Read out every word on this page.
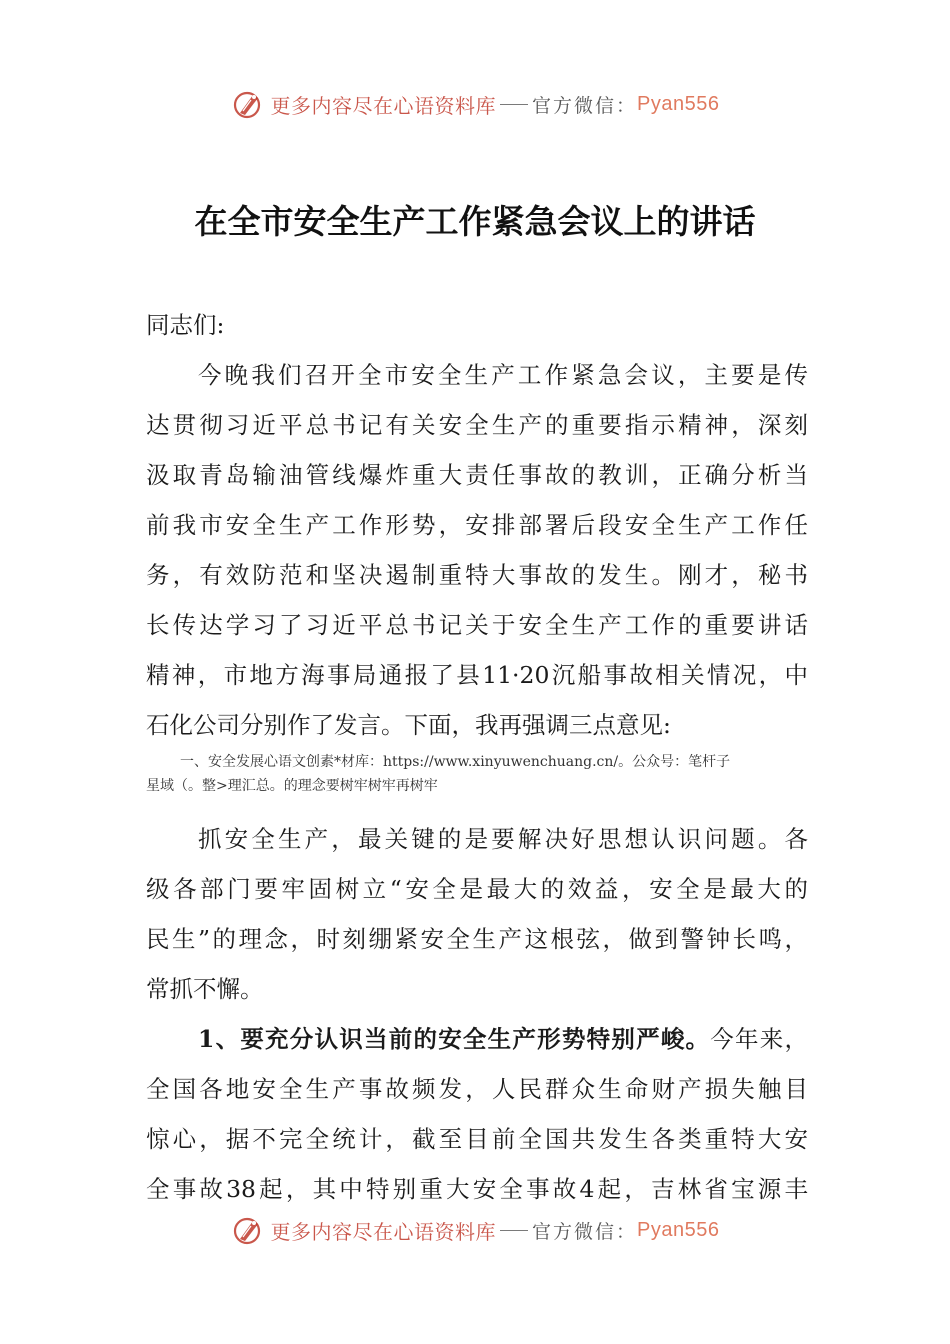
更多内容尽在心语资料库 官方微信： Pyan556
在全市安全生产工作紧急会议上的讲话
同志们:
今晚我们召开全市安全生产工作紧急会议，主要是传
达贯彻习近平总书记有关安全生产的重要指示精神，深刻
汲取青岛输油管线爆炸重大责任事故的教训，正确分析当
前我市安全生产工作形势，安排部署后段安全生产工作任
务，有效防范和坚决遏制重特大事故的发生。刚才，秘书
长传达学习了习近平总书记关于安全生产工作的重要讲话
精神，市地方海事局通报了县11·20沉船事故相关情况，中
石化公司分别作了发言。下面，我再强调三点意见:
一、安全发展心语文创素*材库：https://www.xinyuwenchuang.cn/。公众号：笔杆子
星域（。整>理汇总。的理念要树牢树牢再树牢
抓安全生产，最关键的是要解决好思想认识问题。各
级各部门要牢固树立“安全是最大的效益，安全是最大的
民生”的理念，时刻绷紧安全生产这根弦，做到警钟长鸣，
常抓不懈。
1、要充分认识当前的安全生产形势特别严峻。今年来，
全国各地安全生产事故频发，人民群众生命财产损失触目
惊心，据不完全统计，截至目前全国共发生各类重特大安
全事故38起，其中特别重大安全事故4起，吉林省宝源丰
更多内容尽在心语资料库 官方微信： Pyan556
